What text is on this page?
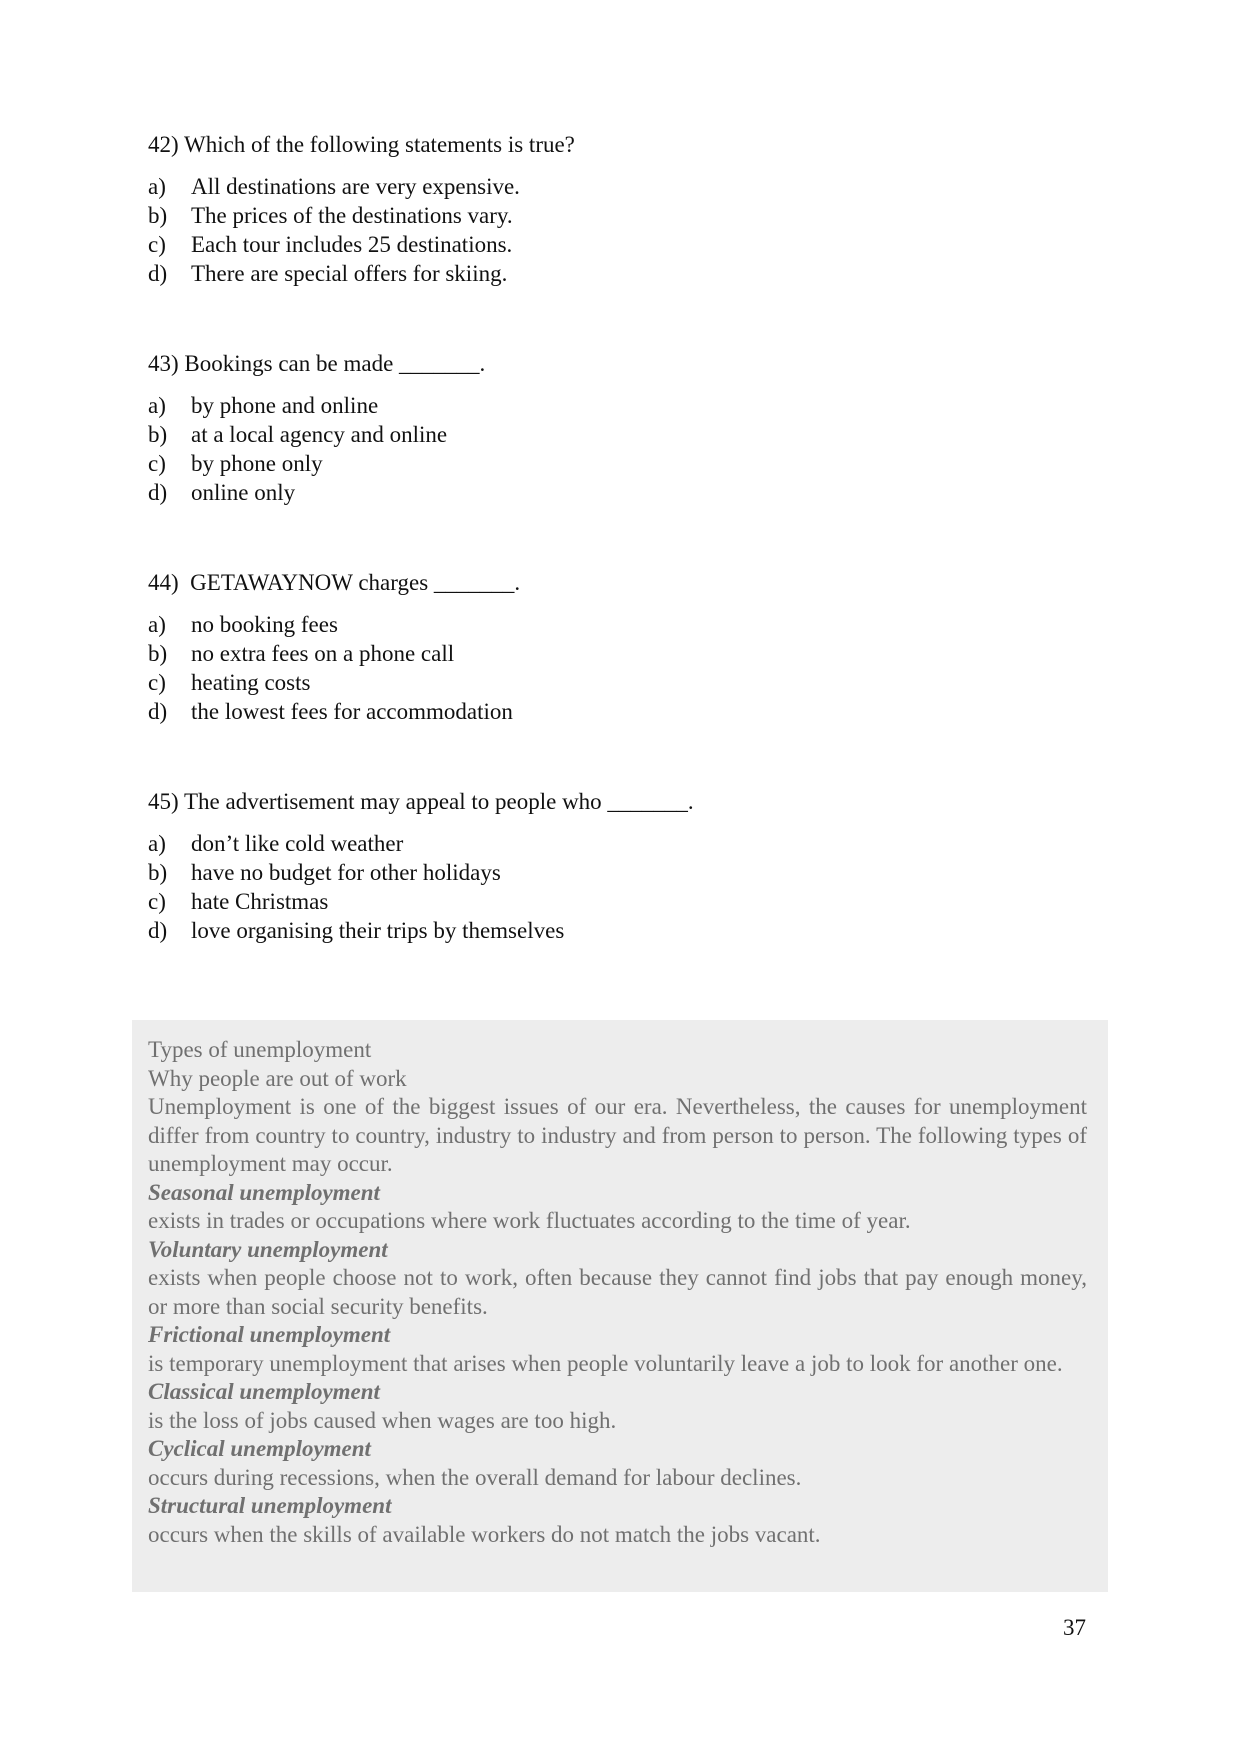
42) Which of the following statements is true?

a)	All destinations are very expensive.
b)	The prices of the destinations vary.
c)	Each tour includes 25 destinations.
d)	There are special offers for skiing.

43) Bookings can be made _______.

a)	by phone and online
b)	at a local agency and online
c)	by phone only
d)	online only

44)  GETAWAYNOW charges _______.

a)	no booking fees
b)	no extra fees on a phone call
c)	heating costs
d)	the lowest fees for accommodation

45) The advertisement may appeal to people who _______.

a)	don’t like cold weather
b)	have no budget for other holidays
c)	hate Christmas
d)	love organising their trips by themselves

Types of unemployment

Why people are out of work

Unemployment is one of the biggest issues of our era. Nevertheless, the causes for unemployment differ from country to country, industry to industry and from person to person. The following types of unemployment may occur.

Seasonal unemployment

exists in trades or occupations where work fluctuates according to the time of year.

Voluntary unemployment

exists when people choose not to work, often because they cannot find jobs that pay enough money, or more than social security benefits.

Frictional unemployment

is temporary unemployment that arises when people voluntarily leave a job to look for another one.

Classical unemployment

is the loss of jobs caused when wages are too high.

Cyclical unemployment

occurs during recessions, when the overall demand for labour declines.

Structural unemployment

occurs when the skills of available workers do not match the jobs vacant.

37
